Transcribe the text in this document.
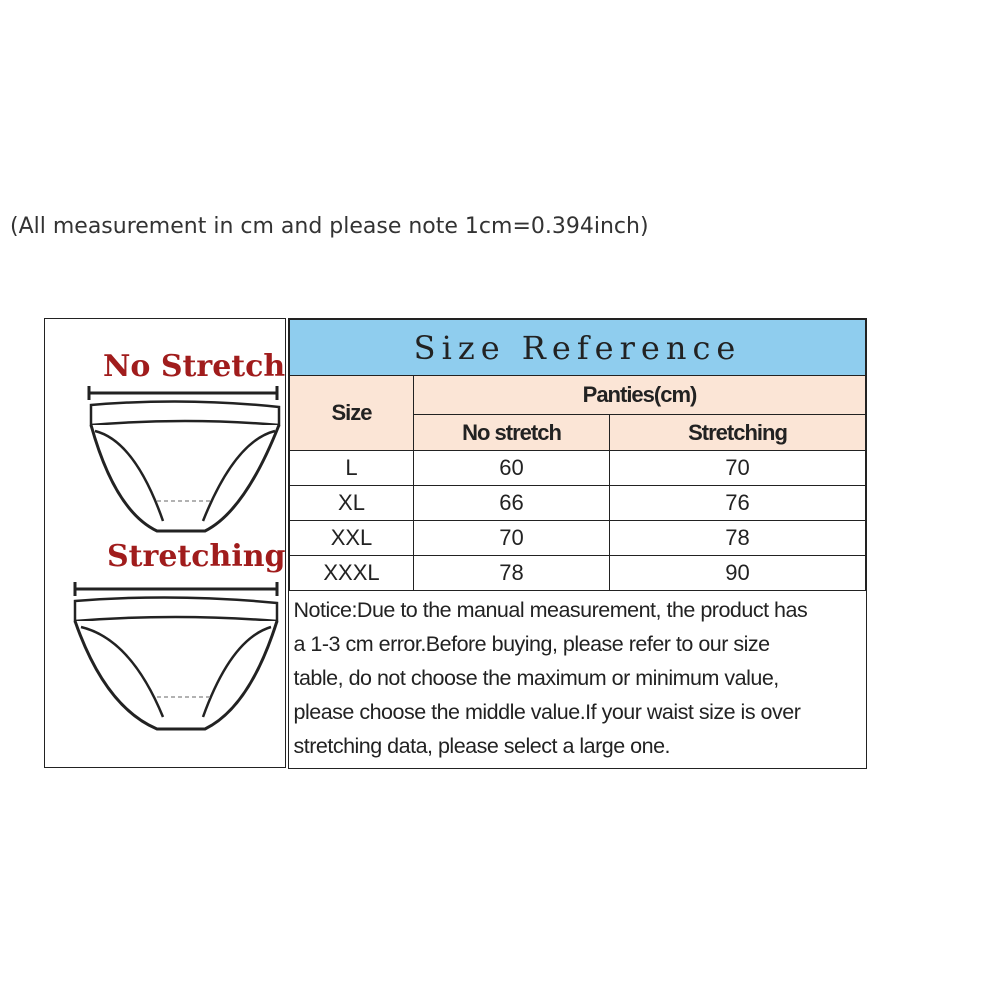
(All measurement in cm and please note 1cm=0.394inch)
No Stretch
Stretching
Size Reference		
Size	Panties(cm)	
	No stretch	Stretching
L	60	70
XL	66	76
XXL	70	78
XXXL	78	90

Notice:Due to the manual measurement, the product has
a 1-3 cm error.Before buying, please refer to our size
table, do not choose the maximum or minimum value,
please choose the middle value.If your waist size is over
stretching data, please select a large one.		
